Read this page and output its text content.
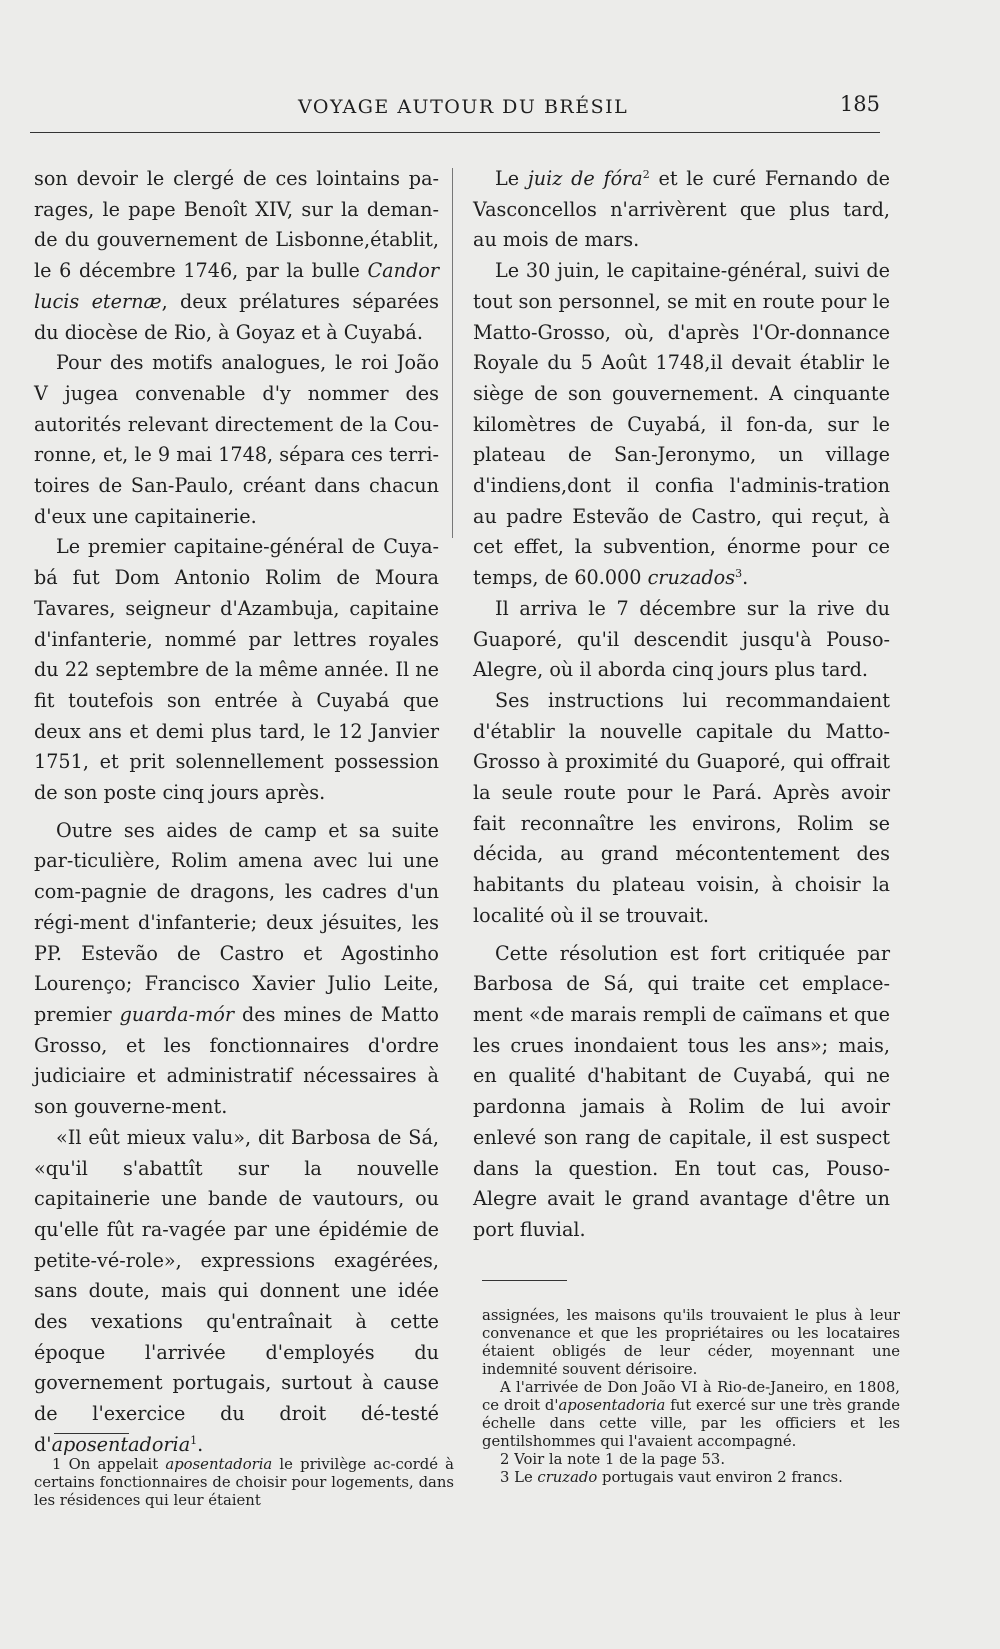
VOYAGE AUTOUR DU BRÉSIL	185

son devoir le clergé de ces lointains pa-rages, le pape Benoît XIV, sur la deman-de du gouvernement de Lisbonne,établit, le 6 décembre 1746, par la bulle Candor lucis eternæ, deux prélatures séparées du diocèse de Rio, à Goyaz et à Cuyabá.

Pour des motifs analogues, le roi João V jugea convenable d'y nommer des autorités relevant directement de la Cou-ronne, et, le 9 mai 1748, sépara ces terri-toires de San-Paulo, créant dans chacun d'eux une capitainerie.

Le premier capitaine-général de Cuya-bá fut Dom Antonio Rolim de Moura Tavares, seigneur d'Azambuja, capitaine d'infanterie, nommé par lettres royales du 22 septembre de la même année. Il ne fit toutefois son entrée à Cuyabá que deux ans et demi plus tard, le 12 Janvier 1751, et prit solennellement possession de son poste cinq jours après.

Outre ses aides de camp et sa suite par-ticulière, Rolim amena avec lui une com-pagnie de dragons, les cadres d'un régi-ment d'infanterie; deux jésuites, les PP. Estevão de Castro et Agostinho Lourenço; Francisco Xavier Julio Leite, premier guarda-mór des mines de Matto Grosso, et les fonctionnaires d'ordre judiciaire et administratif nécessaires à son gouverne-ment.

«Il eût mieux valu», dit Barbosa de Sá, «qu'il s'abattît sur la nouvelle capitainerie une bande de vautours, ou qu'elle fût ra-vagée par une épidémie de petite-vé-role», expressions exagérées, sans doute, mais qui donnent une idée des vexations qu'entraînait à cette époque l'arrivée d'employés du governement portugais, surtout à cause de l'exercice du droit dé-testé d'aposentadoria$^1$.

Le juiz de fóra$^2$ et le curé Fernando de Vasconcellos n'arrivèrent que plus tard, au mois de mars.

Le 30 juin, le capitaine-général, suivi de tout son personnel, se mit en route pour le Matto-Grosso, où, d'après l'Or-donnance Royale du 5 Août 1748,il devait établir le siège de son gouvernement. A cinquante kilomètres de Cuyabá, il fon-da, sur le plateau de San-Jeronymo, un village d'indiens,dont il confia l'adminis-tration au padre Estevão de Castro, qui reçut, à cet effet, la subvention, énorme pour ce temps, de 60.000 cruzados$^3$.

Il arriva le 7 décembre sur la rive du Guaporé, qu'il descendit jusqu'à Pouso-Alegre, où il aborda cinq jours plus tard.

Ses instructions lui recommandaient d'établir la nouvelle capitale du Matto-Grosso à proximité du Guaporé, qui offrait la seule route pour le Pará. Après avoir fait reconnaître les environs, Rolim se décida, au grand mécontentement des habitants du plateau voisin, à choisir la localité où il se trouvait.

Cette résolution est fort critiquée par Barbosa de Sá, qui traite cet emplace-ment «de marais rempli de caïmans et que les crues inondaient tous les ans»; mais, en qualité d'habitant de Cuyabá, qui ne pardonna jamais à Rolim de lui avoir enlevé son rang de capitale, il est suspect dans la question. En tout cas, Pouso-Alegre avait le grand avantage d'être un port fluvial.

1 On appelait aposentadoria le privilège ac-cordé à certains fonctionnaires de choisir pour logements, dans les résidences qui leur étaient

assignées, les maisons qu'ils trouvaient le plus à leur convenance et que les propriétaires ou les locataires étaient obligés de leur céder, moyennant une indemnité souvent dérisoire.

A l'arrivée de Don João VI à Rio-de-Janeiro, en 1808, ce droit d'aposentadoria fut exercé sur une très grande échelle dans cette ville, par les officiers et les gentilshommes qui l'avaient accompagné.

2 Voir la note 1 de la page 53.

3 Le cruzado portugais vaut environ 2 francs.
